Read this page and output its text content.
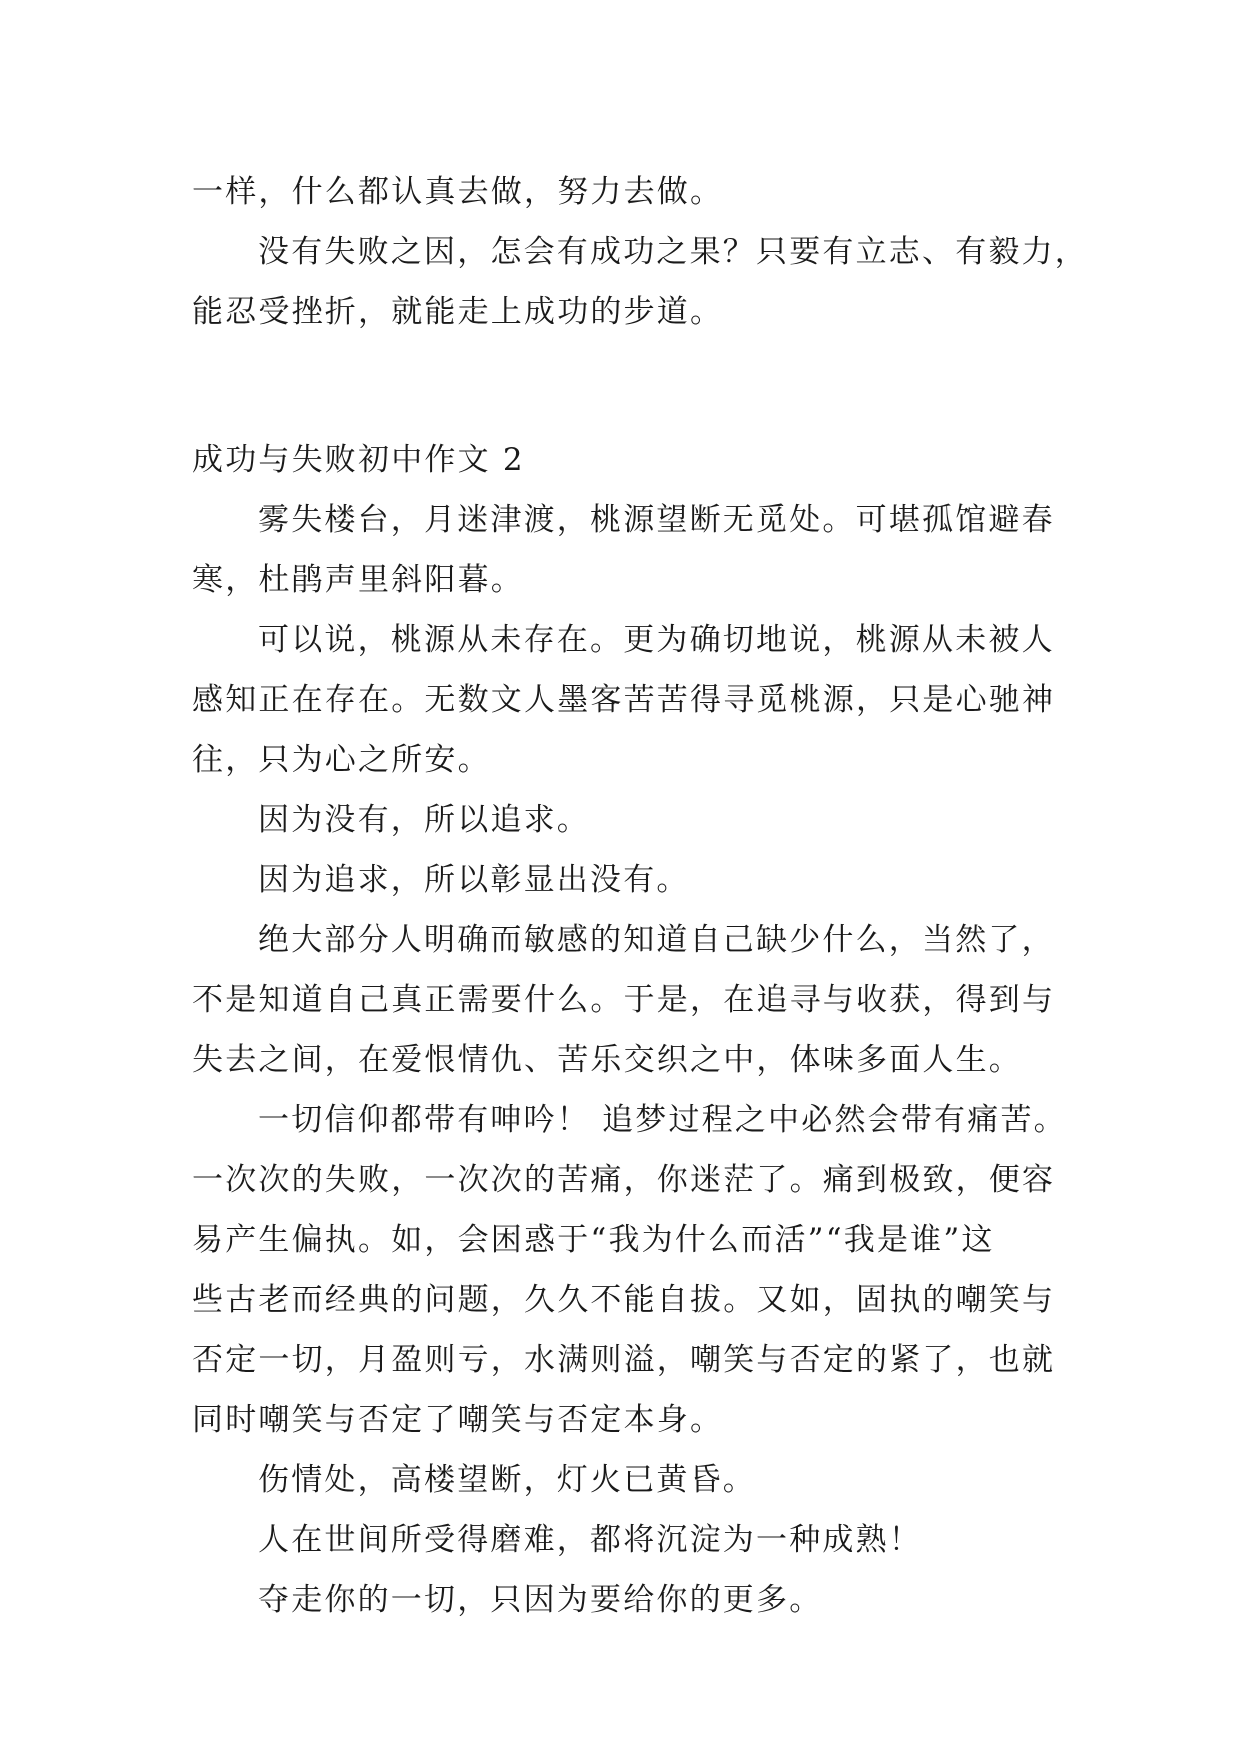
一样，什么都认真去做，努力去做。
没有失败之因，怎会有成功之果？只要有立志、有毅力，
能忍受挫折，就能走上成功的步道。
成功与失败初中作文 2
雾失楼台，月迷津渡，桃源望断无觅处。可堪孤馆避春
寒，杜鹃声里斜阳暮。
可以说，桃源从未存在。更为确切地说，桃源从未被人
感知正在存在。无数文人墨客苦苦得寻觅桃源，只是心驰神
往，只为心之所安。
因为没有，所以追求。
因为追求，所以彰显出没有。
绝大部分人明确而敏感的知道自己缺少什么，当然了，
不是知道自己真正需要什么。于是，在追寻与收获，得到与
失去之间，在爱恨情仇、苦乐交织之中，体味多面人生。
一切信仰都带有呻吟！ 追梦过程之中必然会带有痛苦。
一次次的失败，一次次的苦痛，你迷茫了。痛到极致，便容
易产生偏执。如，会困惑于“我为什么而活”“我是谁”这
些古老而经典的问题，久久不能自拔。又如，固执的嘲笑与
否定一切，月盈则亏，水满则溢，嘲笑与否定的紧了，也就
同时嘲笑与否定了嘲笑与否定本身。
伤情处，高楼望断，灯火已黄昏。
人在世间所受得磨难，都将沉淀为一种成熟！
夺走你的一切，只因为要给你的更多。
